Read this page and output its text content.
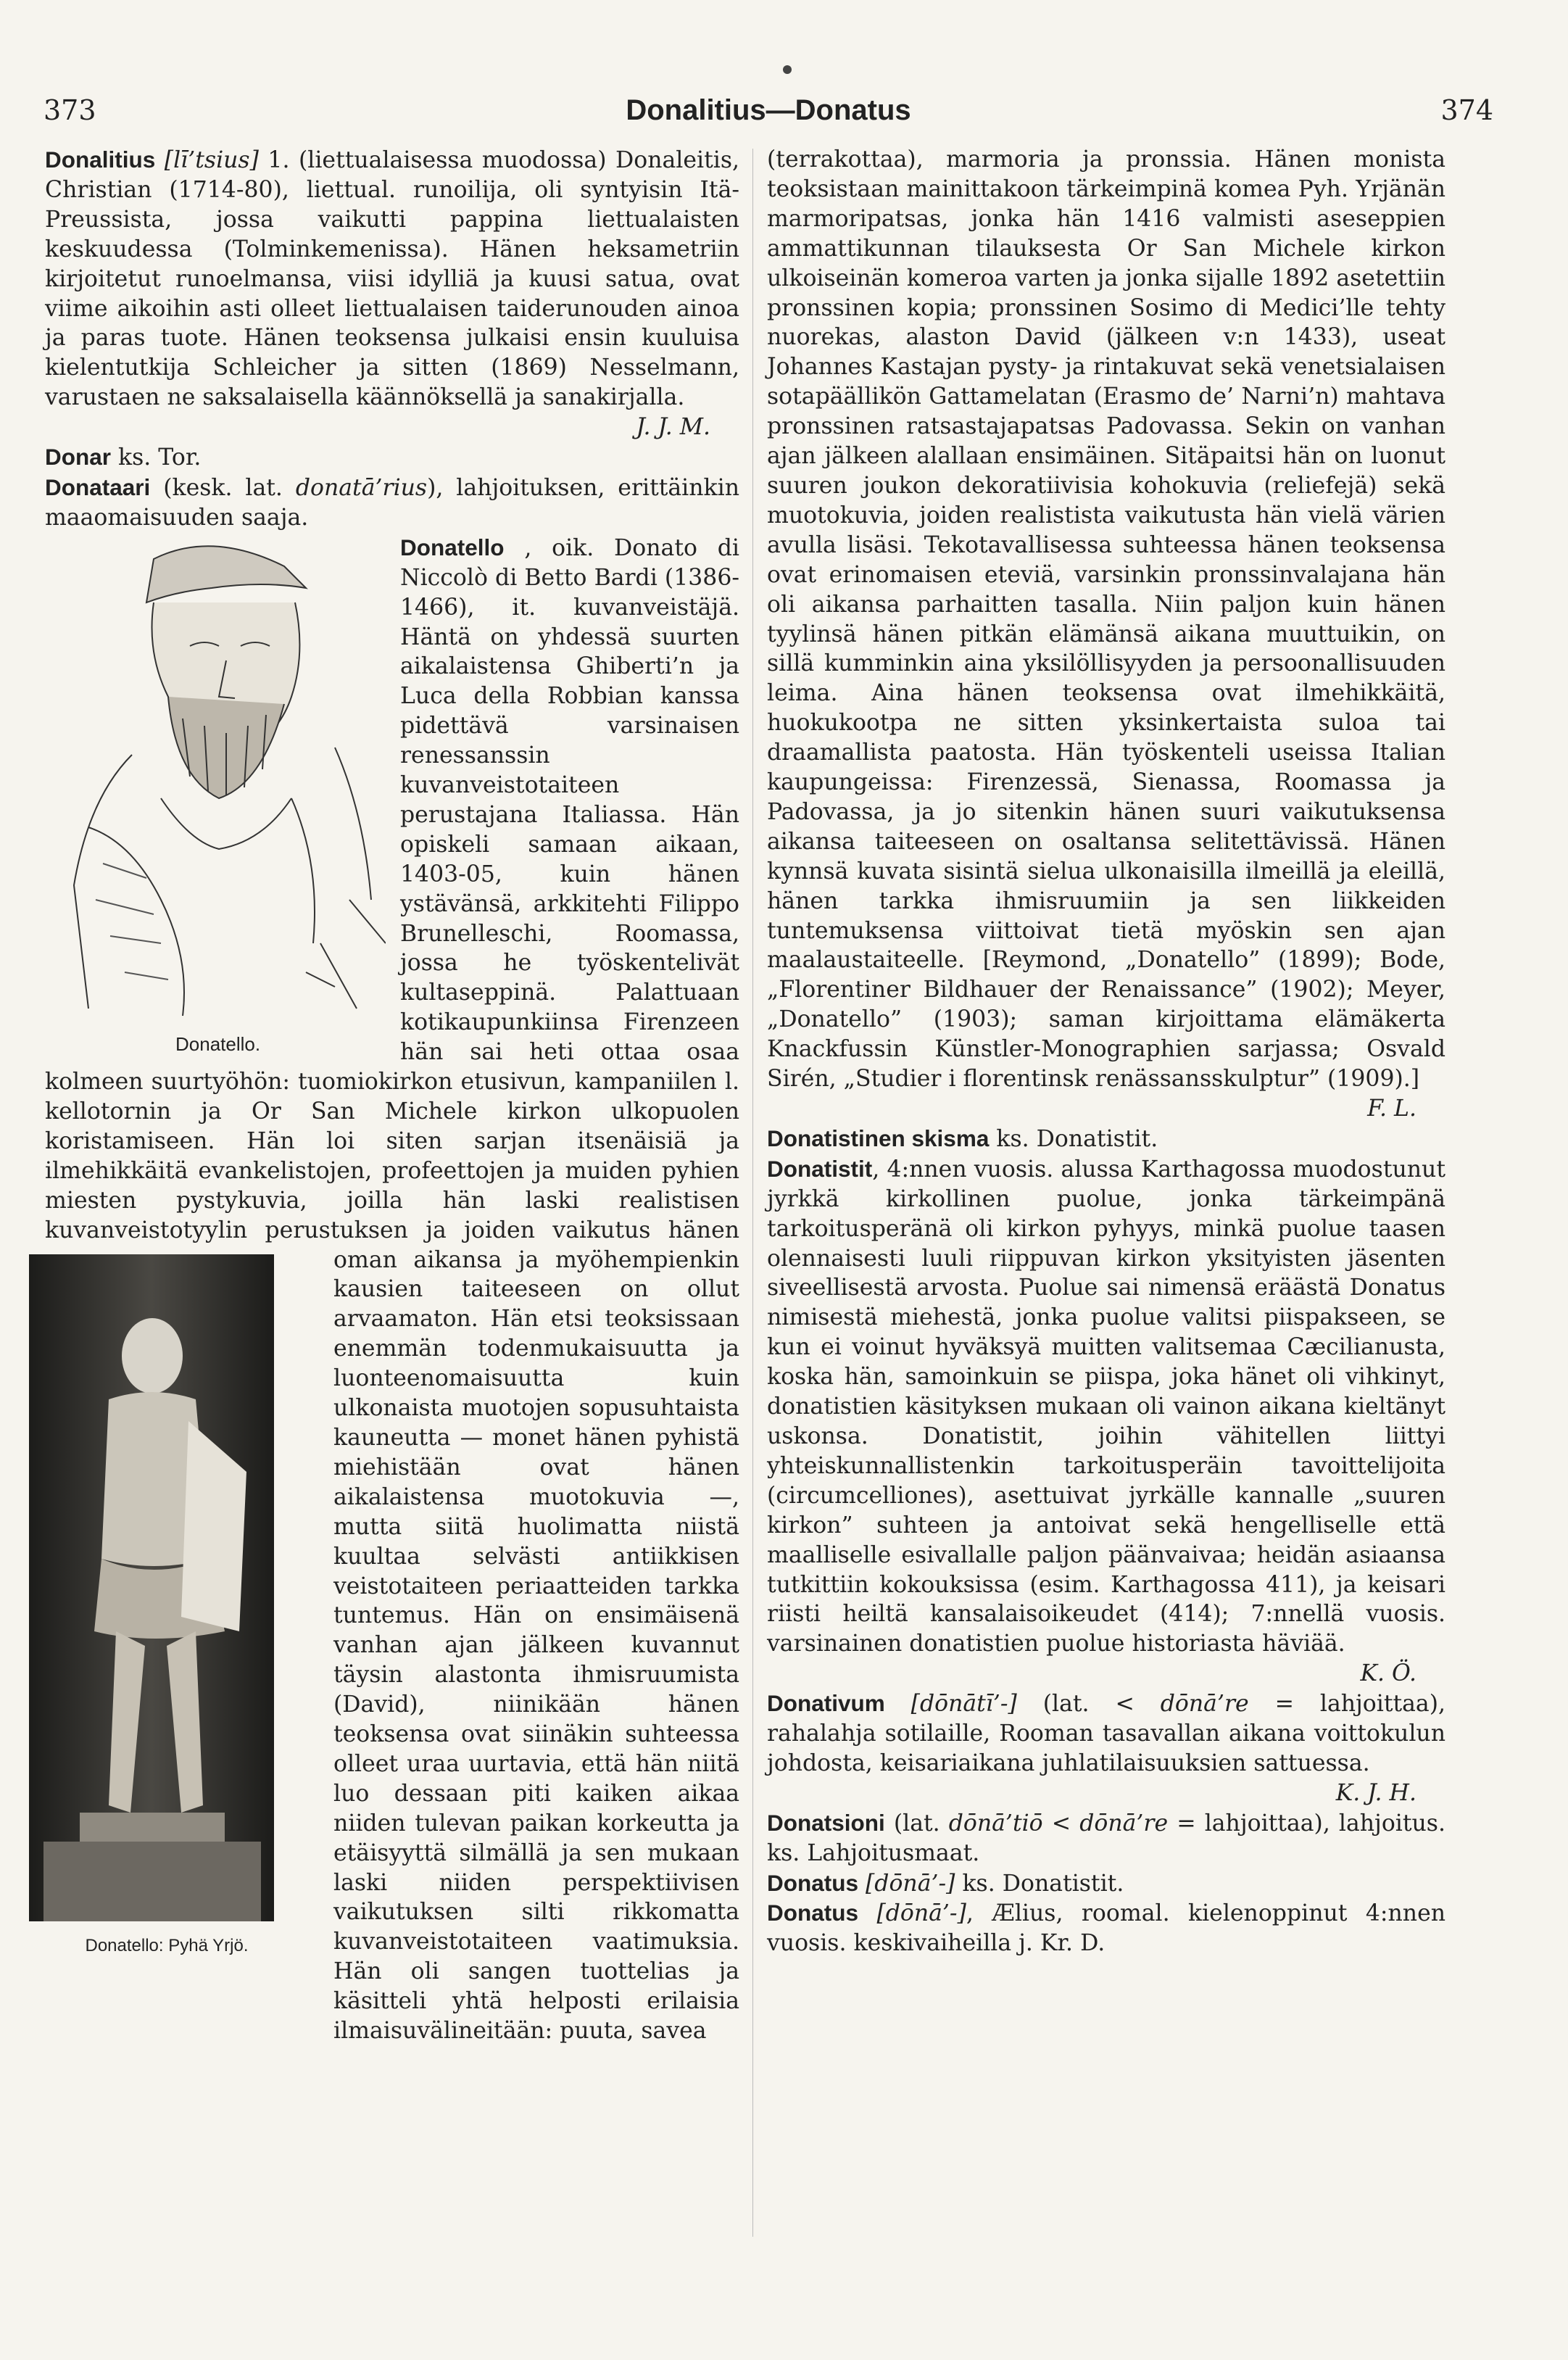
373	Donalitius—Donatus	374

Donalitius [lī’tsius] 1. (liettualaisessa muodossa) Donaleitis, Christian (1714-80), liettual. runoilija, oli syntyisin Itä-Preussista, jossa vaikutti pappina liettualaisten keskuudessa (Tolminkemenissa). Hänen heksametriin kirjoitetut runoelmansa, viisi idylliä ja kuusi satua, ovat viime aikoihin asti olleet liettualaisen taiderunouden ainoa ja paras tuote. Hänen teoksensa julkaisi ensin kuuluisa kielentutkija Schleicher ja sitten (1869) Nesselmann, varustaen ne saksalaisella käännöksellä ja sanakirjalla.

J. J. M.

Donar ks. Tor.

Donataari (kesk. lat. donatā’rius), lahjoituksen, erittäinkin maaomaisuuden saaja.

Donatello
Donatello.
, oik. Donato di Niccolò di Betto Bardi (1386-1466), it. kuvanveistäjä. Häntä on yhdessä suurten aikalaistensa Ghiberti’n ja Luca della Robbian kanssa pidettävä varsinaisen renessanssin kuvanveistotaiteen perustajana Italiassa. Hän opiskeli samaan aikaan, 1403-05, kuin hänen ystävänsä, arkkitehti Filippo Brunelleschi, Roomassa, jossa he työskentelivät kultaseppinä. Palattuaan kotikaupunkiinsa Firenzeen hän sai heti ottaa osaa kolmeen suurtyöhön: tuomiokirkon etusivun, kampaniilen l. kellotornin ja Or San Michele kirkon ulkopuolen koristamiseen. Hän loi siten sarjan itsenäisiä ja ilmehikkäitä evankelistojen, profeettojen ja muiden pyhien miesten pystykuvia, joilla hän laski realistisen kuvanveistotyylin perustuksen ja joiden
Donatello: Pyhä Yrjö.
vaikutus hänen oman aikansa ja myöhempienkin kausien taiteeseen on ollut arvaamaton. Hän etsi teoksissaan enemmän todenmukaisuutta ja luonteenomaisuutta kuin ulkonaista muotojen sopusuhtaista kauneutta — monet hänen pyhistä miehistään ovat hänen aikalaistensa muotokuvia —, mutta siitä huolimatta niistä kuultaa selvästi antiikkisen veistotaiteen periaatteiden tarkka tuntemus. Hän on ensimäisenä vanhan ajan jälkeen kuvannut täysin alastonta ihmisruumista (David), niinikään hänen teoksensa ovat siinäkin suhteessa olleet uraa uurtavia, että hän niitä luo dessaan piti kaiken aikaa niiden tulevan paikan korkeutta ja etäisyyttä silmällä ja sen mukaan laski niiden perspektiivisen vaikutuksen silti rikkomatta kuvanveistotaiteen vaatimuksia. Hän oli sangen tuottelias ja käsitteli yhtä helposti erilaisia ilmaisuvälineitään: puuta, savea

(terrakottaa), marmoria ja pronssia. Hänen monista teoksistaan mainittakoon tärkeimpinä komea Pyh. Yrjänän marmoripatsas, jonka hän 1416 valmisti aseseppien ammattikunnan tilauksesta Or San Michele kirkon ulkoiseinän komeroa varten ja jonka sijalle 1892 asetettiin pronssinen kopia; pronssinen Sosimo di Medici’lle tehty nuorekas, alaston David (jälkeen v:n 1433), useat Johannes Kastajan pysty- ja rintakuvat sekä venetsialaisen sotapäällikön Gattamelatan (Erasmo de’ Narni’n) mahtava pronssinen ratsastajapatsas Padovassa. Sekin on vanhan ajan jälkeen alallaan ensimäinen. Sitäpaitsi hän on luonut suuren joukon dekoratiivisia kohokuvia (reliefejä) sekä muotokuvia, joiden realistista vaikutusta hän vielä värien avulla lisäsi. Tekotavallisessa suhteessa hänen teoksensa ovat erinomaisen eteviä, varsinkin pronssinvalajana hän oli aikansa parhaitten tasalla. Niin paljon kuin hänen tyylinsä hänen pitkän elämänsä aikana muuttuikin, on sillä kumminkin aina yksilöllisyyden ja persoonallisuuden leima. Aina hänen teoksensa ovat ilmehikkäitä, huokukootpa ne sitten yksinkertaista suloa tai draamallista paatosta. Hän työskenteli useissa Italian kaupungeissa: Firenzessä, Sienassa, Roomassa ja Padovassa, ja jo sitenkin hänen suuri vaikutuksensa aikansa taiteeseen on osaltansa selitettävissä. Hänen kynnsä kuvata sisintä sielua ulkonaisilla ilmeillä ja eleillä, hänen tarkka ihmisruumiin ja sen liikkeiden tuntemuksensa viittoivat tietä myöskin sen ajan maalaustaiteelle. [Reymond, „Donatello” (1899); Bode, „Florentiner Bildhauer der Renaissance” (1902); Meyer, „Donatello” (1903); saman kirjoittama elämäkerta Knackfussin Künstler-Monographien sarjassa; Osvald Sirén, „Studier i florentinsk renässansskulptur” (1909).]

F. L.

Donatistinen skisma ks. Donatistit.

Donatistit, 4:nnen vuosis. alussa Karthagossa muodostunut jyrkkä kirkollinen puolue, jonka tärkeimpänä tarkoitusperänä oli kirkon pyhyys, minkä puolue taasen olennaisesti luuli riippuvan kirkon yksityisten jäsenten siveellisestä arvosta. Puolue sai nimensä eräästä Donatus nimisestä miehestä, jonka puolue valitsi piispakseen, se kun ei voinut hyväksyä muitten valitsemaa Cæcilianusta, koska hän, samoinkuin se piispa, joka hänet oli vihkinyt, donatistien käsityksen mukaan oli vainon aikana kieltänyt uskonsa. Donatistit, joihin vähitellen liittyi yhteiskunnallistenkin tarkoitusperäin tavoittelijoita (circumcelliones), asettuivat jyrkälle kannalle „suuren kirkon” suhteen ja antoivat sekä hengelliselle että maalliselle esivallalle paljon päänvaivaa; heidän asiaansa tutkittiin kokouksissa (esim. Karthagossa 411), ja keisari riisti heiltä kansalaisoikeudet (414); 7:nnellä vuosis. varsinainen donatistien puolue historiasta häviää.

K. Ö.

Donativum [dōnātī’-] (lat. < dōnā’re = lahjoittaa), rahalahja sotilaille, Rooman tasavallan aikana voittokulun johdosta, keisariaikana juhlatilaisuuksien sattuessa.

K. J. H.

Donatsioni (lat. dōnā’tiō < dōnā’re = lahjoittaa), lahjoitus. ks. Lahjoitusmaat.

Donatus [dōnā’-] ks. Donatistit.

Donatus [dōnā’-], Ælius, roomal. kielenoppinut 4:nnen vuosis. keskivaiheilla j. Kr. D.
